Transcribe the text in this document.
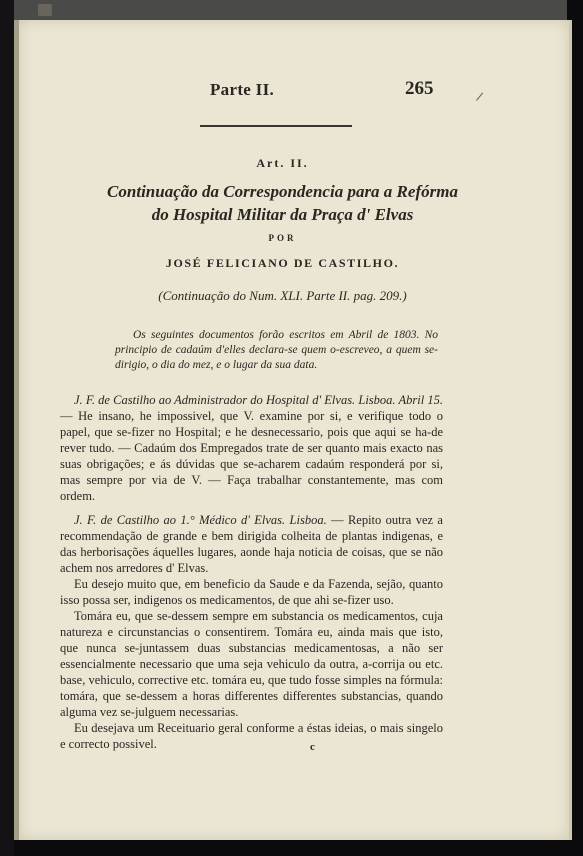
Parte II.	265
Art. II.
Continuação da Correspondencia para a Refórma
do Hospital Militar da Praça d' Elvas
POR
JOSÉ FELICIANO DE CASTILHO.
(Continuação do Num. XLI. Parte II. pag. 209.)

Os seguintes documentos forão escritos em Abril de 1803. No principio de cadaúm d'elles declara-se quem o-escreveo, a quem se-dirigio, o dia do mez, e o lugar da sua data.

J. F. de Castilho ao Administrador do Hospital d' Elvas. Lisboa. Abril 15. — He insano, he impossivel, que V. examine por si, e verifique todo o papel, que se-fizer no Hospital; e he desnecessario, pois que aqui se ha-de rever tudo. — Cadaúm dos Empregados trate de ser quanto mais exacto nas suas obrigações; e ás dúvidas que se-acharem cadaúm responderá por si, mas sempre por via de V. — Faça trabalhar constantemente, mas com ordem.

J. F. de Castilho ao 1.° Médico d' Elvas. Lisboa. — Repito outra vez a recommendação de grande e bem dirigida colheita de plantas indigenas, e das herborisações áquelles lugares, aonde haja noticia de coisas, que se não achem nos arredores d' Elvas.

Eu desejo muito que, em beneficio da Saude e da Fazenda, sejão, quanto isso possa ser, indigenos os medicamentos, de que ahi se-fizer uso.

Tomára eu, que se-dessem sempre em substancia os medicamentos, cuja natureza e circunstancias o consentirem. Tomára eu, ainda mais que isto, que nunca se-juntassem duas substancias medicamentosas, a não ser essencialmente necessario que uma seja vehiculo da outra, a-corrija ou etc. base, vehiculo, corrective etc. tomára eu, que tudo fosse simples na fórmula: tomára, que se-dessem a horas differentes differentes substancias, quando alguma vez se-julguem necessarias.

Eu desejava um Receituario geral conforme a éstas ideias, o mais singelo e correcto possivel.	c
